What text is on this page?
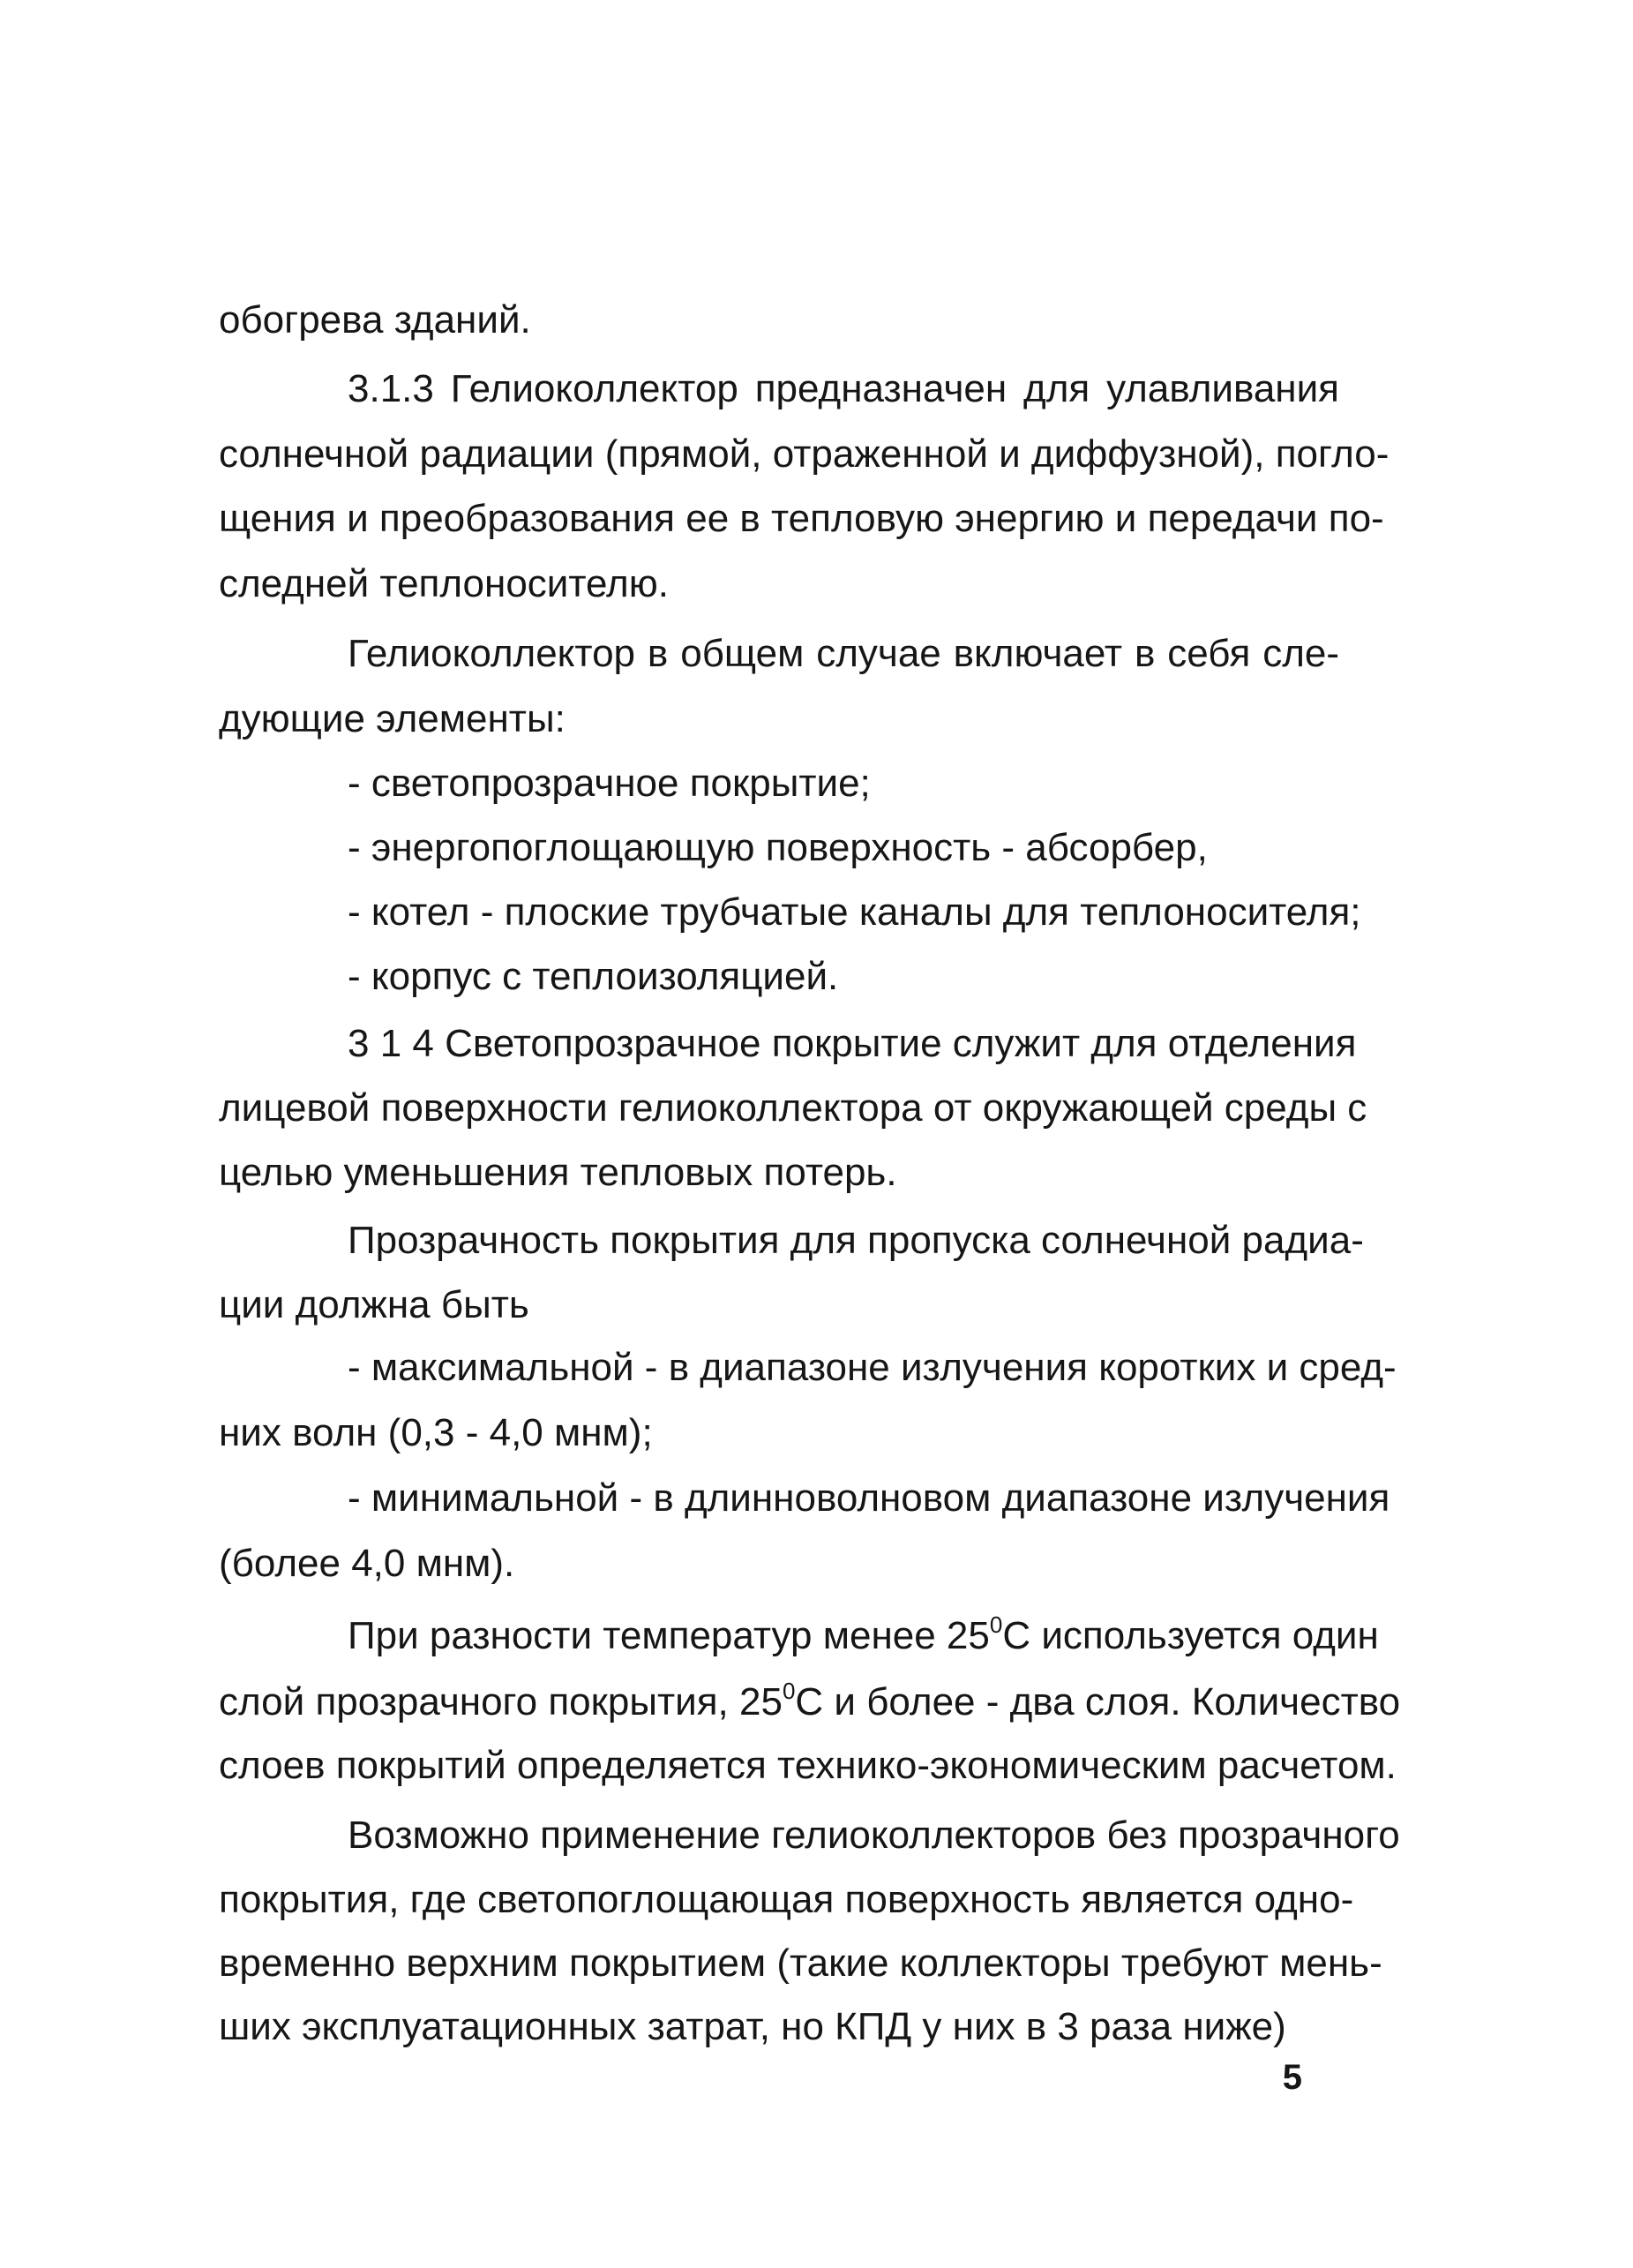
обогрева зданий.
3.1.3 Гелиоколлектор предназначен для улавливания
солнечной радиации (прямой, отраженной и диффузной), погло-
щения и преобразования ее в тепловую энергию и передачи по-
следней теплоносителю.
Гелиоколлектор в общем случае включает в себя сле-
дующие элементы:
- светопрозрачное покрытие;
- энергопоглощающую поверхность - абсорбер,
- котел - плоские трубчатые каналы для теплоносителя;
- корпус с теплоизоляцией.
3 1 4 Светопрозрачное покрытие служит для отделения
лицевой поверхности гелиоколлектора от окружающей среды с
целью уменьшения тепловых потерь.
Прозрачность покрытия для пропуска солнечной радиа-
ции должна быть
- максимальной - в диапазоне излучения коротких и сред-
них волн (0,3 - 4,0 мнм);
- минимальной - в длинноволновом диапазоне излучения
(более 4,0 мнм).
При разности температур менее $25^0С$ используется один
слой прозрачного покрытия, $25^0С$ и более - два слоя. Количество
слоев покрытий определяется технико-экономическим расчетом.
Возможно применение гелиоколлекторов без прозрачного
покрытия, где светопоглощающая поверхность является одно-
временно верхним покрытием (такие коллекторы требуют мень-
ших эксплуатационных затрат, но КПД у них в 3 раза ниже)
5
